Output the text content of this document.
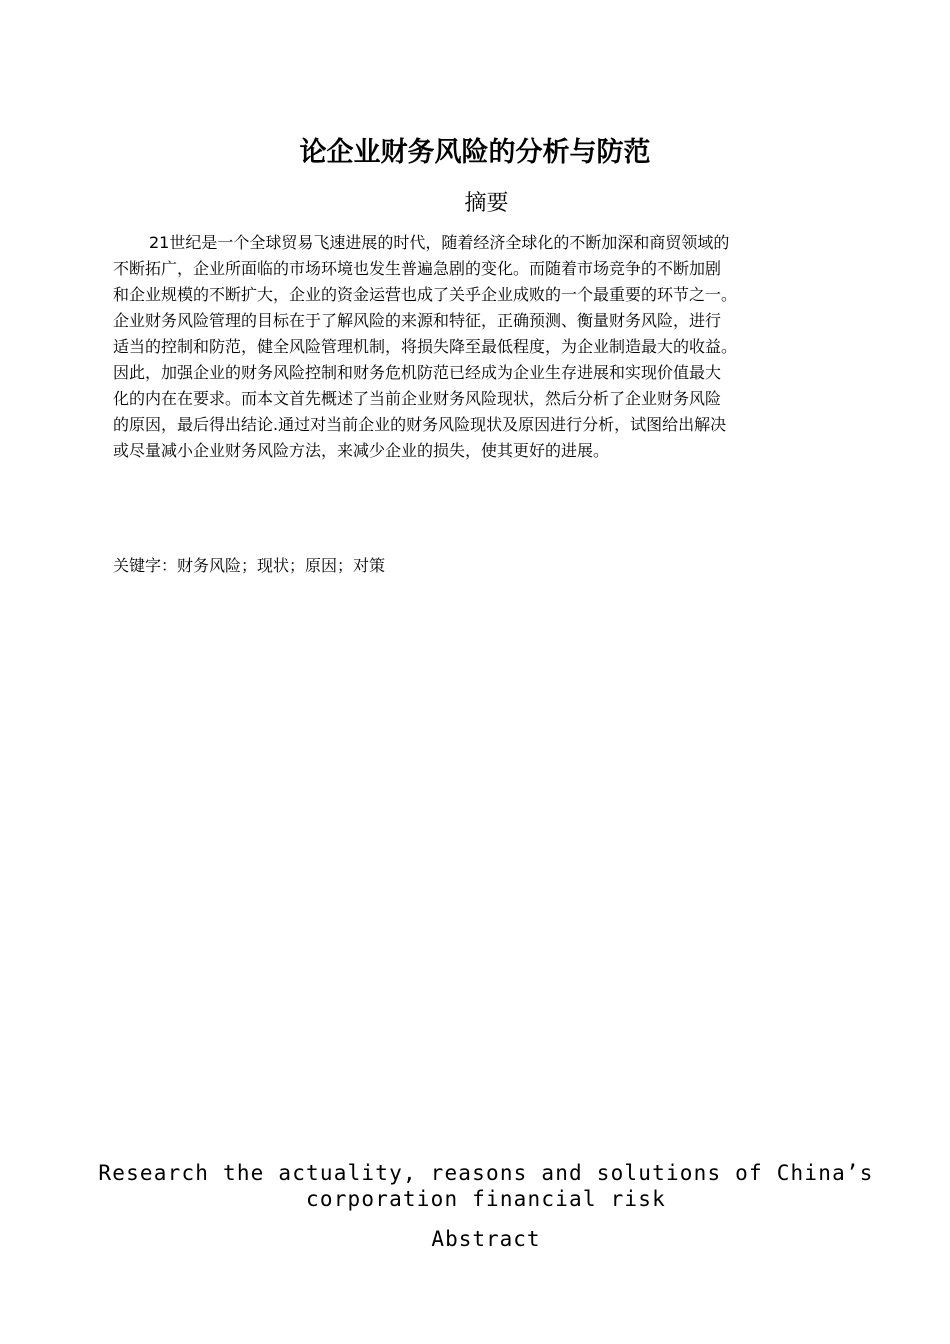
论企业财务风险的分析与防范
摘要
21世纪是一个全球贸易飞速进展的时代，随着经济全球化的不断加深和商贸领域的
不断拓广，企业所面临的市场环境也发生普遍急剧的变化。而随着市场竞争的不断加剧
和企业规模的不断扩大，企业的资金运营也成了关乎企业成败的一个最重要的环节之一。
企业财务风险管理的目标在于了解风险的来源和特征，正确预测、衡量财务风险，进行
适当的控制和防范，健全风险管理机制，将损失降至最低程度，为企业制造最大的收益。
因此，加强企业的财务风险控制和财务危机防范已经成为企业生存进展和实现价值最大
化的内在在要求。而本文首先概述了当前企业财务风险现状，然后分析了企业财务风险
的原因，最后得出结论.通过对当前企业的财务风险现状及原因进行分析，试图给出解决
或尽量减小企业财务风险方法，来减少企业的损失，使其更好的进展。
关键字：财务风险；现状；原因；对策
Research the actuality, reasons and solutions of China’s
corporation financial risk
Abstract
